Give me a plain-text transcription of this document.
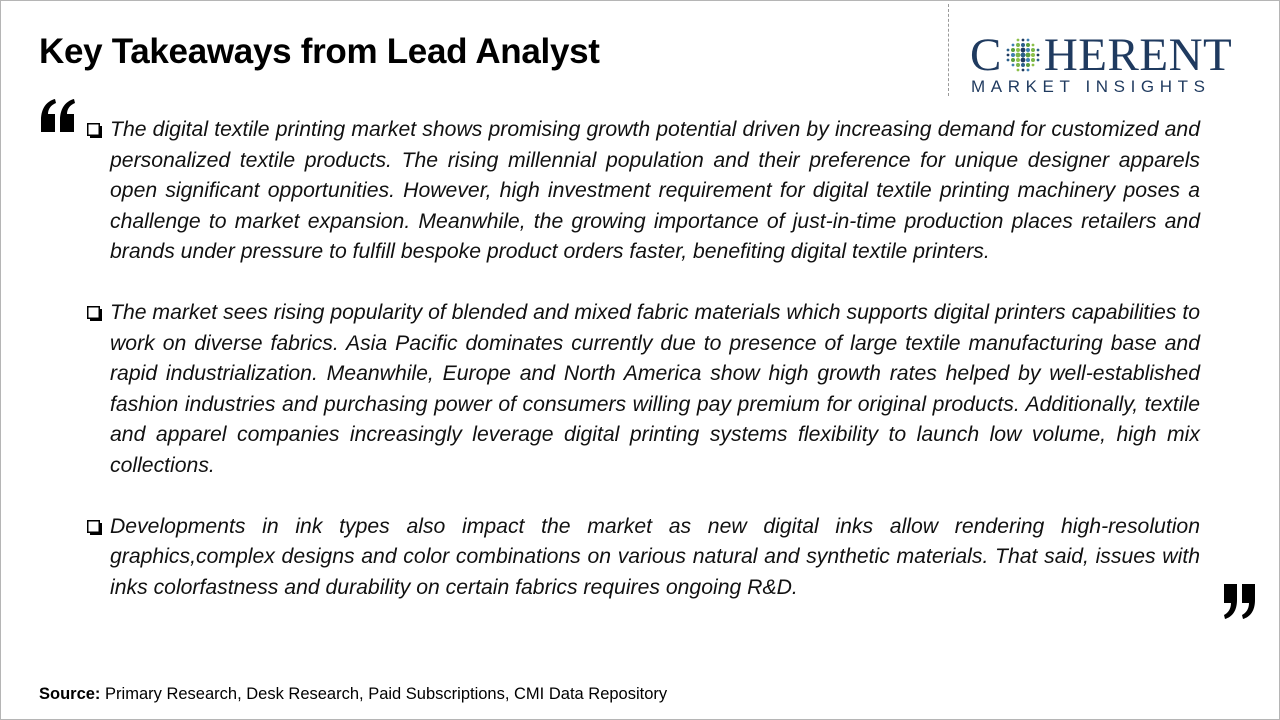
Key Takeaways from Lead Analyst	C HERENT
MARKET INSIGHTS
The digital textile printing market shows promising growth potential driven by increasing demand for customized and personalized textile products. The rising millennial population and their preference for unique designer apparels open significant opportunities. However, high investment requirement for digital textile printing machinery poses a challenge to market expansion. Meanwhile, the growing importance of just-in-time production places retailers and brands under pressure to fulfill bespoke product orders faster, benefiting digital textile printers.
The market sees rising popularity of blended and mixed fabric materials which supports digital printers capabilities to work on diverse fabrics. Asia Pacific dominates currently due to presence of large textile manufacturing base and rapid industrialization. Meanwhile, Europe and North America show high growth rates helped by well-established fashion industries and purchasing power of consumers willing pay premium for original products. Additionally, textile and apparel companies increasingly leverage digital printing systems flexibility to launch low volume, high mix collections.
Developments in ink types also impact the market as new digital inks allow rendering high-resolution graphics,complex designs and color combinations on various natural and synthetic materials. That said, issues with inks colorfastness and durability on certain fabrics requires ongoing R&D.
Source: Primary Research, Desk Research, Paid Subscriptions, CMI Data Repository
